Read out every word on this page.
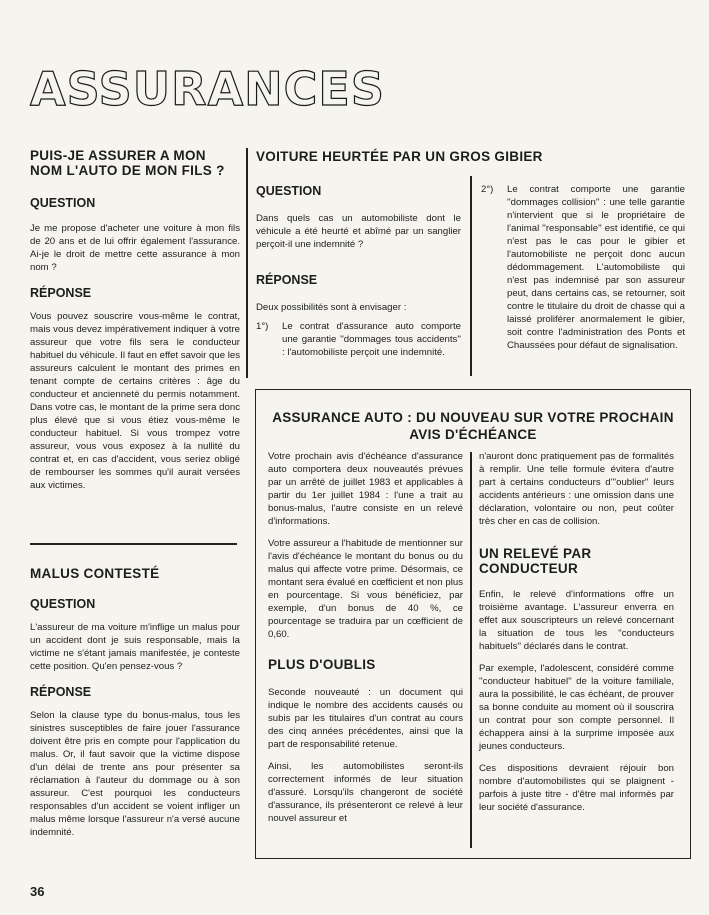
ASSURANCES
PUIS-JE ASSURER A MON NOM L'AUTO DE MON FILS ?
QUESTION
Je me propose d'acheter une voiture à mon fils de 20 ans et de lui offrir également l'assurance. Ai-je le droit de mettre cette assurance à mon nom ?
RÉPONSE
Vous pouvez souscrire vous-même le contrat, mais vous devez impérativement indiquer à votre assureur que votre fils sera le conducteur habituel du véhicule. Il faut en effet savoir que les assureurs calculent le montant des primes en tenant compte de certains critères : âge du conducteur et ancienneté du permis notamment. Dans votre cas, le montant de la prime sera donc plus élevé que si vous étiez vous-même le conducteur habituel. Si vous trompez votre assureur, vous vous exposez à la nullité du contrat et, en cas d'accident, vous seriez obligé de rembourser les sommes qu'il aurait versées aux victimes.
MALUS CONTESTÉ
QUESTION
L'assureur de ma voiture m'inflige un malus pour un accident dont je suis responsable, mais la victime ne s'étant jamais manifestée, je conteste cette position. Qu'en pensez-vous ?
RÉPONSE
Selon la clause type du bonus-malus, tous les sinistres susceptibles de faire jouer l'assurance doivent être pris en compte pour l'application du malus. Or, il faut savoir que la victime dispose d'un délai de trente ans pour présenter sa réclamation à l'auteur du dommage ou à son assureur. C'est pourquoi les conducteurs responsables d'un accident se voient infliger un malus même lorsque l'assureur n'a versé aucune indemnité.
VOITURE HEURTÉE PAR UN GROS GIBIER
QUESTION
Dans quels cas un automobiliste dont le véhicule a été heurté et abîmé par un sanglier perçoit-il une indemnité ?
RÉPONSE
Deux possibilités sont à envisager :
1°)	Le contrat d'assurance auto comporte une garantie ''dommages tous accidents'' : l'automobiliste perçoit une indemnité.
2°)	Le contrat comporte une garantie ''dommages collision'' : une telle garantie n'intervient que si le propriétaire de l'animal ''responsable'' est identifié, ce qui n'est pas le cas pour le gibier et l'automobiliste ne perçoit donc aucun dédommagement. L'automobiliste qui n'est pas indemnisé par son assureur peut, dans certains cas, se retourner, soit contre le titulaire du droit de chasse qui a laissé proliférer anormalement le gibier, soit contre l'administration des Ponts et Chaussées pour défaut de signalisation.
ASSURANCE AUTO : DU NOUVEAU SUR VOTRE PROCHAIN AVIS D'ÉCHÉANCE
Votre prochain avis d'échéance d'assurance auto comportera deux nouveautés prévues par un arrêté de juillet 1983 et applicables à partir du 1er juillet 1984 : l'une a trait au bonus-malus, l'autre consiste en un relevé d'informations.
Votre assureur a l'habitude de mentionner sur l'avis d'échéance le montant du bonus ou du malus qui affecte votre prime. Désormais, ce montant sera évalué en cœfficient et non plus en pourcentage. Si vous bénéficiez, par exemple, d'un bonus de 40 %, ce pourcentage se traduira par un cœfficient de 0,60.
PLUS D'OUBLIS
Seconde nouveauté : un document qui indique le nombre des accidents causés ou subis par les titulaires d'un contrat au cours des cinq années précédentes, ainsi que la part de responsabilité retenue.
Ainsi, les automobilistes seront-ils correctement informés de leur situation d'assuré. Lorsqu'ils changeront de société d'assurance, ils présenteront ce relevé à leur nouvel assureur et
n'auront donc pratiquement pas de formalités à remplir. Une telle formule évitera d'autre part à certains conducteurs d'''oublier'' leurs accidents antérieurs : une omission dans une déclaration, volontaire ou non, peut coûter très cher en cas de collision.
UN RELEVÉ PAR CONDUCTEUR
Enfin, le relevé d'informations offre un troisième avantage. L'assureur enverra en effet aux souscripteurs un relevé concernant la situation de tous les ''conducteurs habituels'' déclarés dans le contrat.
Par exemple, l'adolescent, considéré comme ''conducteur habituel'' de la voiture familiale, aura la possibilité, le cas échéant, de prouver sa bonne conduite au moment où il souscrira un contrat pour son compte personnel. Il échappera ainsi à la surprime imposée aux jeunes conducteurs.
Ces dispositions devraient réjouir bon nombre d'automobilistes qui se plaignent - parfois à juste titre - d'être mal informés par leur société d'assurance.
36
